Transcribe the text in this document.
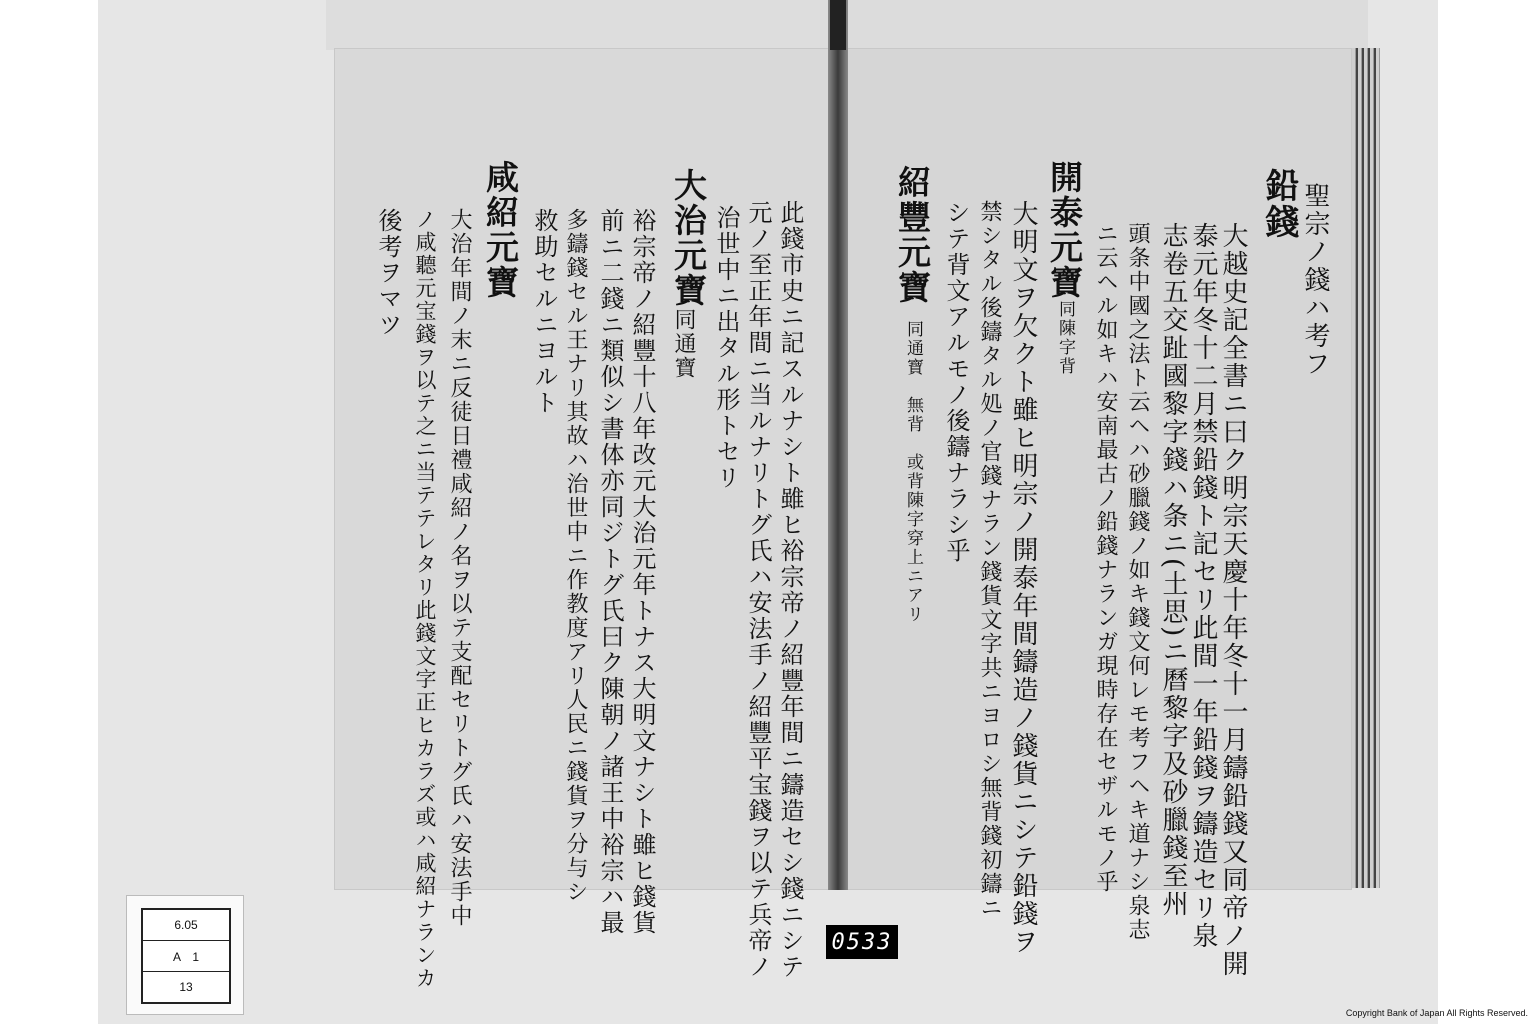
聖宗ノ錢ハ考フ
鉛錢
大越史記全書ニ曰ク明宗天慶十年冬十一月鑄鉛錢又同帝ノ開
泰元年冬十二月禁鉛錢ト記セリ此間一年鉛錢ヲ鑄造セリ泉
志卷五交趾國黎字錢ハ条ニ(土思)ニ曆黎字及砂臘錢至州
頭条中國之法ト云ヘハ砂臘錢ノ如キ錢文何レモ考フヘキ道ナシ泉志
ニ云ヘル如キハ安南最古ノ鉛錢ナランガ現時存在セザルモノ乎
開泰元寶
同陳字背
大明文ヲ欠クト雖ヒ明宗ノ開泰年間鑄造ノ錢貨ニシテ鉛錢ヲ
禁シタル後鑄タル処ノ官錢ナラン錢貨文字共ニヨロシ無背錢初鑄ニ
シテ背文アルモノ後鑄ナラシ乎
紹豐元寶
同通寶　無背　或背陳字穿上ニアリ
此錢市史ニ記スルナシト雖ヒ裕宗帝ノ紹豐年間ニ鑄造セシ錢ニシテ
元ノ至正年間ニ当ルナリトグ氏ハ安法手ノ紹豐平宝錢ヲ以テ兵帝ノ
治世中ニ出タル形トセリ
大治元寶
同通寶
裕宗帝ノ紹豐十八年改元大治元年トナス大明文ナシト雖ヒ錢貨
前ニ二錢ニ類似シ書体亦同ジトグ氏曰ク陳朝ノ諸王中裕宗ハ最
多鑄錢セル王ナリ其故ハ治世中ニ作教度アリ人民ニ錢貨ヲ分与シ
救助セルニヨルト
咸紹元寶
大治年間ノ末ニ反徒日禮咸紹ノ名ヲ以テ支配セリトグ氏ハ安法手中
ノ咸聽元宝錢ヲ以テ之ニ当テテレタリ此錢文字正ヒカラズ或ハ咸紹ナランカ
後考ヲマツ
6.05
A　1
13
0533
Copyright Bank of Japan All Rights Reserved.
